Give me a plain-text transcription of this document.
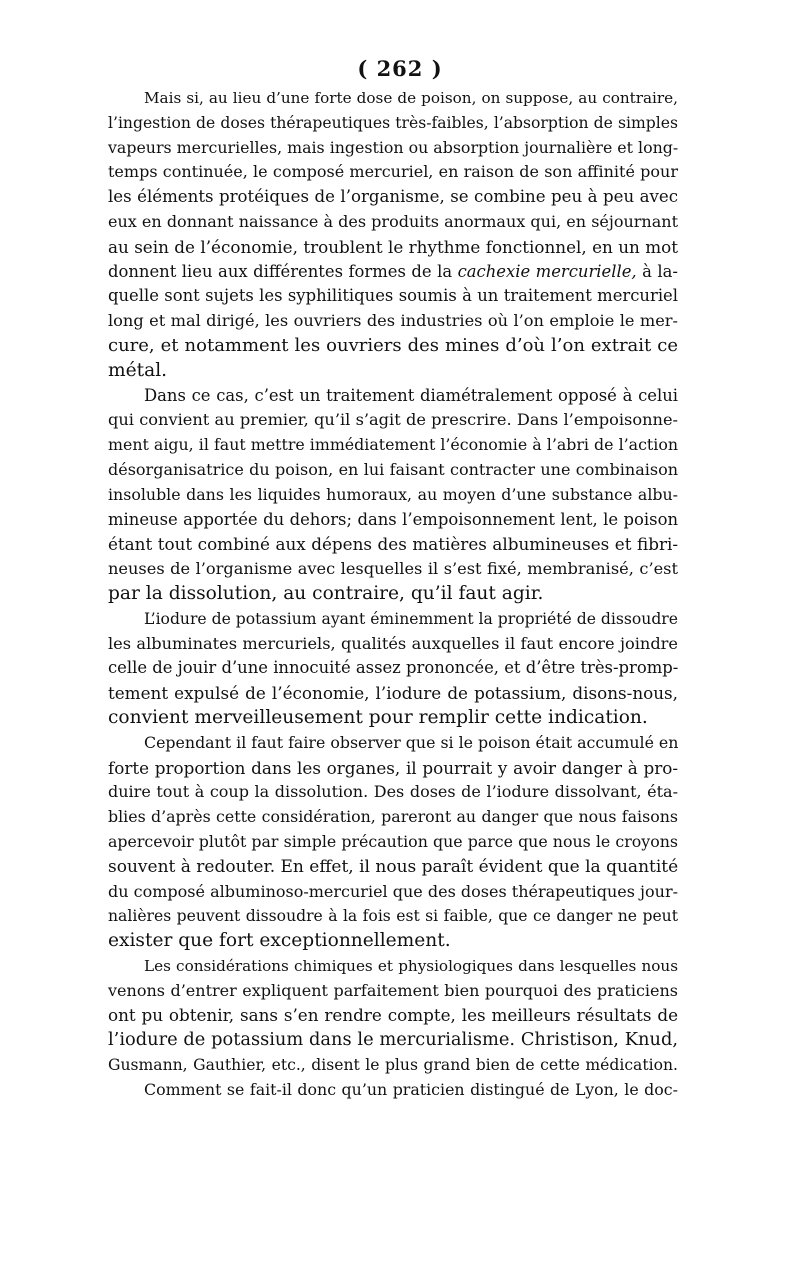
( 262 )
Mais si, au lieu d’une forte dose de poison, on suppose, au contraire,
l’ingestion de doses thérapeutiques très-faibles, l’absorption de simples
vapeurs mercurielles, mais ingestion ou absorption journalière et long-
temps continuée, le composé mercuriel, en raison de son affinité pour
les éléments protéiques de l’organisme, se combine peu à peu avec
eux en donnant naissance à des produits anormaux qui, en séjournant
au sein de l’économie, troublent le rhythme fonctionnel, en un mot
donnent lieu aux différentes formes de la cachexie mercurielle, à la-
quelle sont sujets les syphilitiques soumis à un traitement mercuriel
long et mal dirigé, les ouvriers des industries où l’on emploie le mer-
cure, et notamment les ouvriers des mines d’où l’on extrait ce
métal.
Dans ce cas, c’est un traitement diamétralement opposé à celui
qui convient au premier, qu’il s’agit de prescrire. Dans l’empoisonne-
ment aigu, il faut mettre immédiatement l’économie à l’abri de l’action
désorganisatrice du poison, en lui faisant contracter une combinaison
insoluble dans les liquides humoraux, au moyen d’une substance albu-
mineuse apportée du dehors; dans l’empoisonnement lent, le poison
étant tout combiné aux dépens des matières albumineuses et fibri-
neuses de l’organisme avec lesquelles il s’est fixé, membranisé, c’est
par la dissolution, au contraire, qu’il faut agir.
L’iodure de potassium ayant éminemment la propriété de dissoudre
les albuminates mercuriels, qualités auxquelles il faut encore joindre
celle de jouir d’une innocuité assez prononcée, et d’être très-promp-
tement expulsé de l’économie, l’iodure de potassium, disons-nous,
convient merveilleusement pour remplir cette indication.
Cependant il faut faire observer que si le poison était accumulé en
forte proportion dans les organes, il pourrait y avoir danger à pro-
duire tout à coup la dissolution. Des doses de l’iodure dissolvant, éta-
blies d’après cette considération, pareront au danger que nous faisons
apercevoir plutôt par simple précaution que parce que nous le croyons
souvent à redouter. En effet, il nous paraît évident que la quantité
du composé albuminoso-mercuriel que des doses thérapeutiques jour-
nalières peuvent dissoudre à la fois est si faible, que ce danger ne peut
exister que fort exceptionnellement.
Les considérations chimiques et physiologiques dans lesquelles nous
venons d’entrer expliquent parfaitement bien pourquoi des praticiens
ont pu obtenir, sans s’en rendre compte, les meilleurs résultats de
l’iodure de potassium dans le mercurialisme. Christison, Knud,
Gusmann, Gauthier, etc., disent le plus grand bien de cette médication.
Comment se fait-il donc qu’un praticien distingué de Lyon, le doc-
